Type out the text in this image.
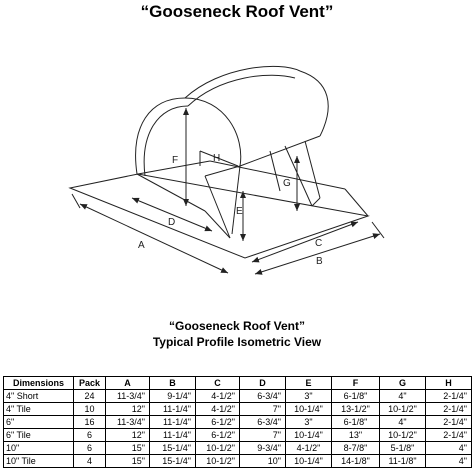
“Gooseneck Roof Vent”
A
B
C
D
E
F
G
H
“Gooseneck Roof Vent”
Typical Profile Isometric View
Dimensions	Pack	A	B	C	D	E	F	G	H
4" Short	24	11-3/4"	9-1/4"	4-1/2"	6-3/4"	3"	6-1/8"	4"	2-1/4"
4" Tile	10	12"	11-1/4"	4-1/2"	7"	10-1/4"	13-1/2"	10-1/2"	2-1/4"
6"	16	11-3/4"	11-1/4"	6-1/2"	6-3/4"	3"	6-1/8"	4"	2-1/4"
6" Tile	6	12"	11-1/4"	6-1/2"	7"	10-1/4"	13"	10-1/2"	2-1/4"
10"	6	15"	15-1/4"	10-1/2"	9-3/4"	4-1/2"	8-7/8"	5-1/8"	4"
10" Tile	4	15"	15-1/4"	10-1/2"	10"	10-1/4"	14-1/8"	11-1/8"	4"
